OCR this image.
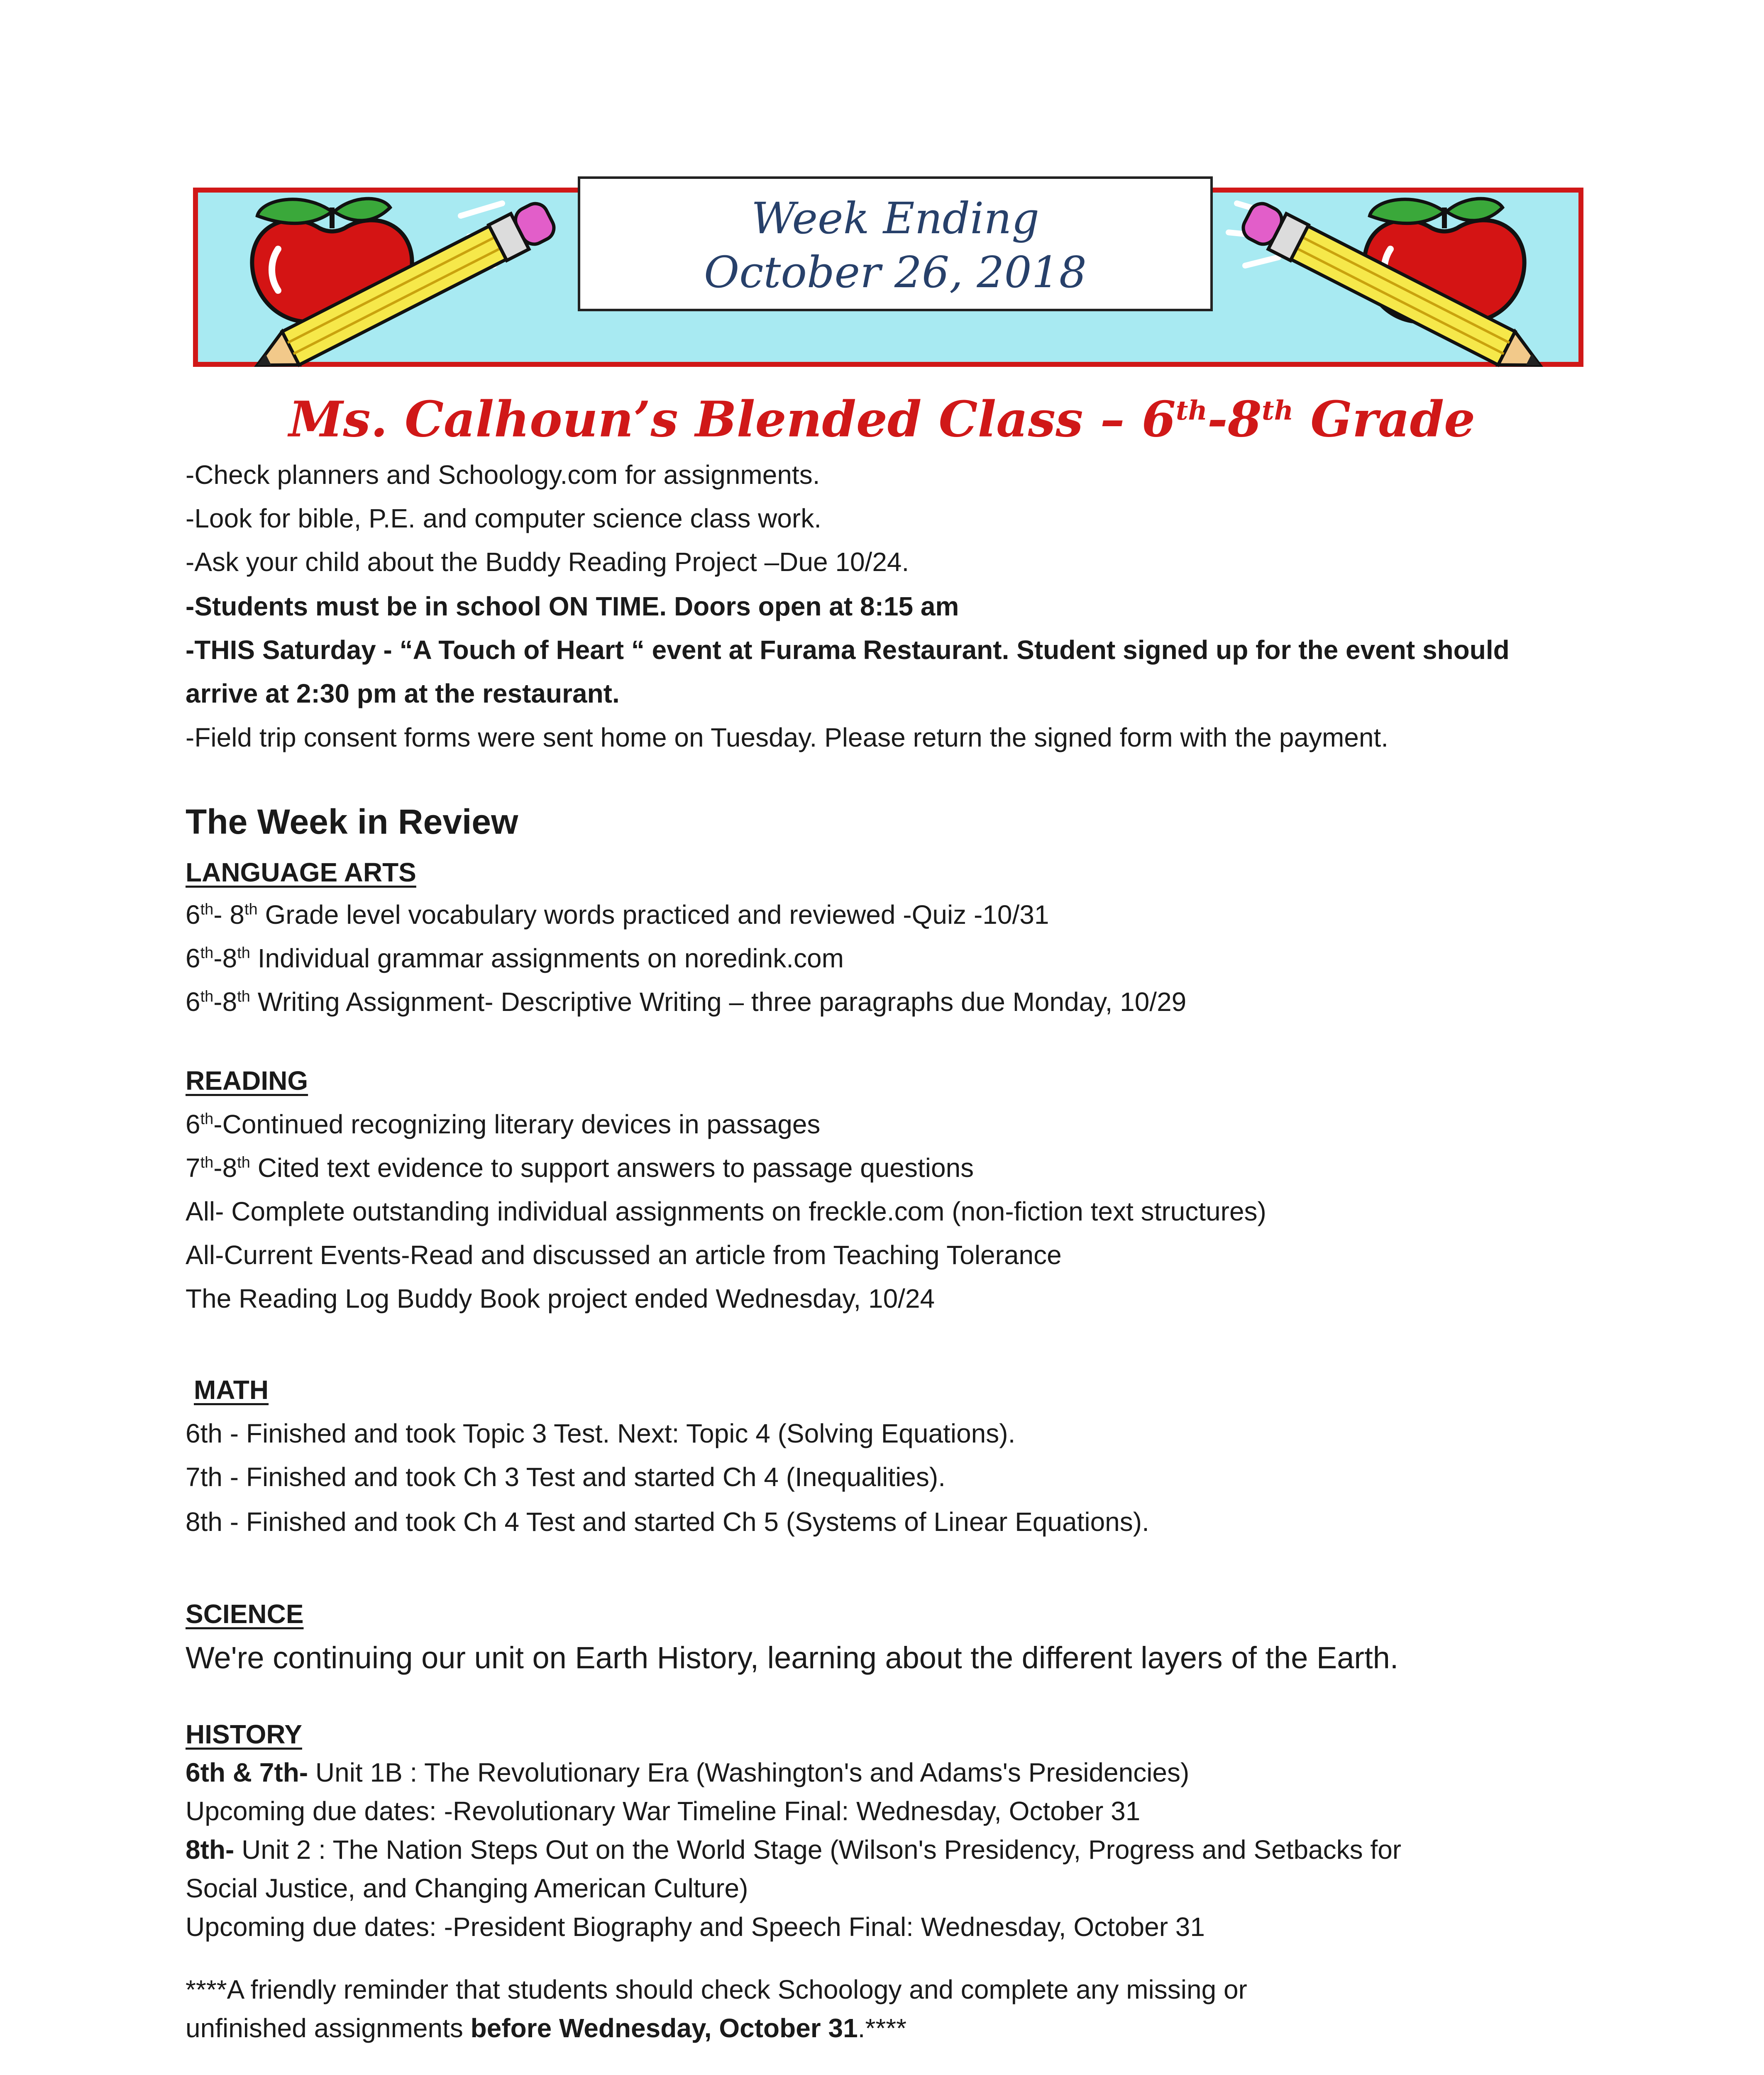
Week Ending
October 26, 2018
Ms. Calhoun’s Blended Class – 6th-8th Grade
-Check planners and Schoology.com for assignments.
-Look for bible, P.E. and computer science class work.
-Ask your child about the Buddy Reading Project –Due 10/24.
-Students must be in school ON TIME. Doors open at 8:15 am
-THIS Saturday - “A Touch of Heart “ event at Furama Restaurant. Student signed up for the event should
arrive at 2:30 pm at the restaurant.
-Field trip consent forms were sent home on Tuesday. Please return the signed form with the payment.
The Week in Review
LANGUAGE ARTS
6th- 8th Grade level vocabulary words practiced and reviewed -Quiz -10/31
6th-8th Individual grammar assignments on noredink.com
6th-8th Writing Assignment- Descriptive Writing – three paragraphs due Monday, 10/29
READING
6th-Continued recognizing literary devices in passages
7th-8th Cited text evidence to support answers to passage questions
All- Complete outstanding individual assignments on freckle.com (non-fiction text structures)
All-Current Events-Read and discussed an article from Teaching Tolerance
The Reading Log Buddy Book project ended Wednesday, 10/24
MATH
6th - Finished and took Topic 3 Test. Next: Topic 4 (Solving Equations).
7th - Finished and took Ch 3 Test and started Ch 4 (Inequalities).
8th - Finished and took Ch 4 Test and started Ch 5 (Systems of Linear Equations).
SCIENCE
We're continuing our unit on Earth History, learning about the different layers of the Earth.
HISTORY
6th & 7th- Unit 1B : The Revolutionary Era (Washington's and Adams's Presidencies)
Upcoming due dates: -Revolutionary War Timeline Final: Wednesday, October 31
8th- Unit 2 : The Nation Steps Out on the World Stage (Wilson's Presidency, Progress and Setbacks for
Social Justice, and Changing American Culture)
Upcoming due dates: -President Biography and Speech Final: Wednesday, October 31
****A friendly reminder that students should check Schoology and complete any missing or
unfinished assignments before Wednesday, October 31.****
